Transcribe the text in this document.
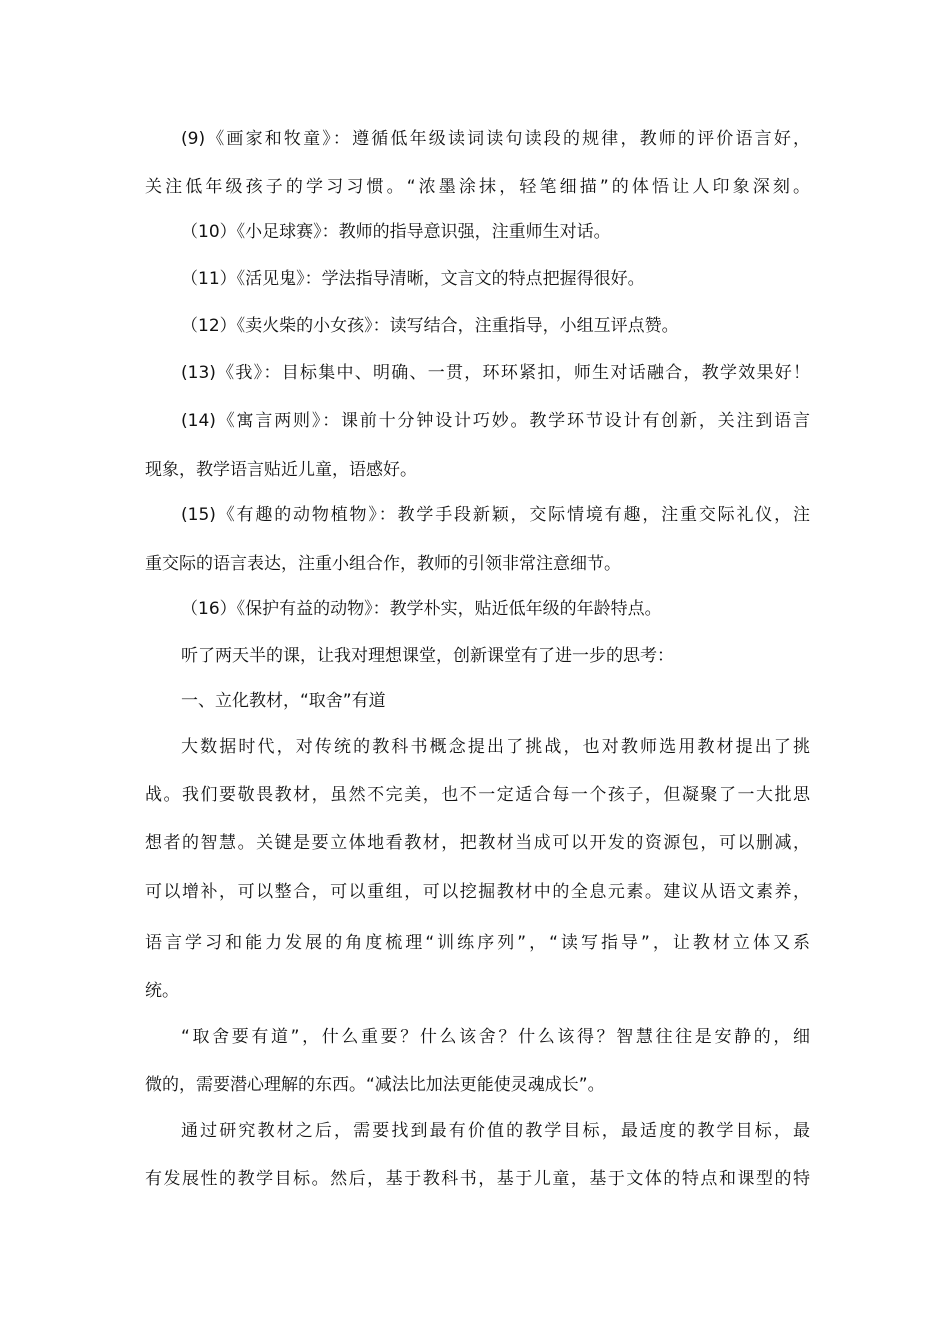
(9)《画家和牧童》：遵循低年级读词读句读段的规律，教师的评价语言好，
关注低年级孩子的学习习惯。“浓墨涂抹，轻笔细描”的体悟让人印象深刻。
（10）《小足球赛》：教师的指导意识强，注重师生对话。
（11）《活见鬼》：学法指导清晰，文言文的特点把握得很好。
（12）《卖火柴的小女孩》：读写结合，注重指导，小组互评点赞。
(13)《我》：目标集中、明确、一贯，环环紧扣，师生对话融合，教学效果好！
(14)《寓言两则》：课前十分钟设计巧妙。教学环节设计有创新，关注到语言
现象，教学语言贴近儿童，语感好。
(15)《有趣的动物植物》：教学手段新颖，交际情境有趣，注重交际礼仪，注
重交际的语言表达，注重小组合作，教师的引领非常注意细节。
（16）《保护有益的动物》：教学朴实，贴近低年级的年龄特点。
听了两天半的课，让我对理想课堂，创新课堂有了进一步的思考：
一、立化教材，“取舍”有道
大数据时代，对传统的教科书概念提出了挑战，也对教师选用教材提出了挑
战。我们要敬畏教材，虽然不完美，也不一定适合每一个孩子，但凝聚了一大批思
想者的智慧。关键是要立体地看教材，把教材当成可以开发的资源包，可以删减，
可以增补，可以整合，可以重组，可以挖掘教材中的全息元素。建议从语文素养，
语言学习和能力发展的角度梳理“训练序列”，“读写指导”，让教材立体又系
统。
“取舍要有道”，什么重要？什么该舍？什么该得？智慧往往是安静的，细
微的，需要潜心理解的东西。“减法比加法更能使灵魂成长”。
通过研究教材之后，需要找到最有价值的教学目标，最适度的教学目标，最
有发展性的教学目标。然后，基于教科书，基于儿童，基于文体的特点和课型的特
